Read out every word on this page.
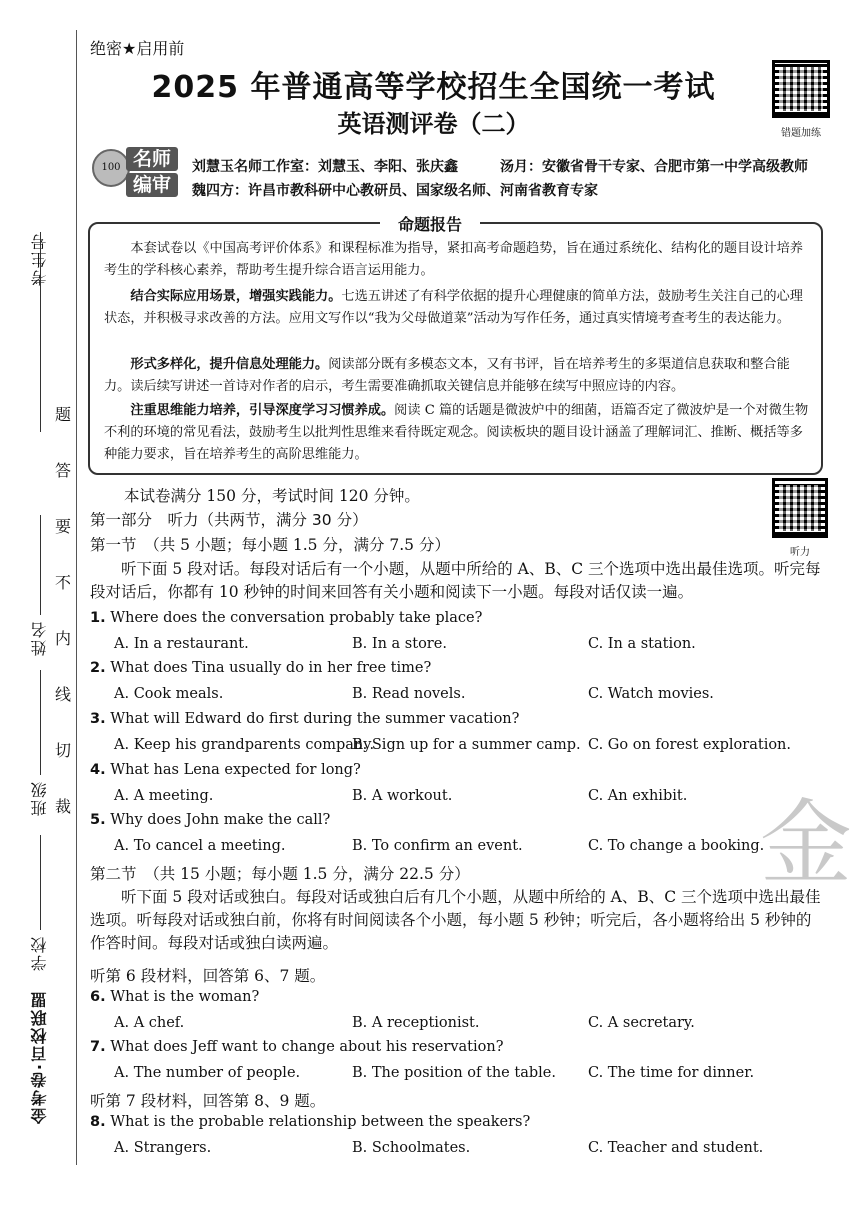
考生号
姓名
班级
学校
金考卷·百校联盟
题
答
要
不
内
线
切
裁
绝密★启用前
2025 年普通高等学校招生全国统一考试
英语测评卷（二）	错题加练
100 名师
编审
刘慧玉名师工作室：刘慧玉、李阳、张庆鑫	汤月：安徽省骨干专家、合肥市第一中学高级教师
魏四方：许昌市教科研中心教研员、国家级名师、河南省教育专家
命题报告
本套试卷以《中国高考评价体系》和课程标准为指导，紧扣高考命题趋势，旨在通过系统化、结构化的题目设计培养考生的学科核心素养，帮助考生提升综合语言运用能力。
结合实际应用场景，增强实践能力。七选五讲述了有科学依据的提升心理健康的简单方法，鼓励考生关注自己的心理状态，并积极寻求改善的方法。应用文写作以“我为父母做道菜”活动为写作任务，通过真实情境考查考生的表达能力。
形式多样化，提升信息处理能力。阅读部分既有多模态文本，又有书评，旨在培养考生的多渠道信息获取和整合能力。读后续写讲述一首诗对作者的启示，考生需要准确抓取关键信息并能够在续写中照应诗的内容。
注重思维能力培养，引导深度学习习惯养成。阅读 C 篇的话题是微波炉中的细菌，语篇否定了微波炉是一个对微生物不利的环境的常见看法，鼓励考生以批判性思维来看待既定观念。阅读板块的题目设计涵盖了理解词汇、推断、概括等多种能力要求，旨在培养考生的高阶思维能力。
本试卷满分 150 分，考试时间 120 分钟。
第一部分　听力（共两节，满分 30 分）
第一节　（共 5 小题；每小题 1.5 分，满分 7.5 分）	听力
听下面 5 段对话。每段对话后有一个小题，从题中所给的 A、B、C 三个选项中选出最佳选项。听完每段对话后，你都有 10 秒钟的时间来回答有关小题和阅读下一小题。每段对话仅读一遍。
1. Where does the conversation probably take place?
A. In a restaurant.	B. In a store.	C. In a station.
2. What does Tina usually do in her free time?
A. Cook meals.	B. Read novels.	C. Watch movies.
3. What will Edward do first during the summer vacation?
A. Keep his grandparents company.
B. Sign up for a summer camp. C. Go on forest exploration.
4. What has Lena expected for long?
A. A meeting.	B. A workout.	C. An exhibit.
5. Why does John make the call?
A. To cancel a meeting.	B. To confirm an event.	C. To change a booking.
金
第二节　（共 15 小题；每小题 1.5 分，满分 22.5 分）
听下面 5 段对话或独白。每段对话或独白后有几个小题，从题中所给的 A、B、C 三个选项中选出最佳选项。听每段对话或独白前，你将有时间阅读各个小题，每小题 5 秒钟；听完后，各小题将给出 5 秒钟的作答时间。每段对话或独白读两遍。
听第 6 段材料，回答第 6、7 题。
6. What is the woman?
A. A chef.	B. A receptionist.	C. A secretary.
7. What does Jeff want to change about his reservation?
A. The number of people.	B. The position of the table. C. The time for dinner.
听第 7 段材料，回答第 8、9 题。
8. What is the probable relationship between the speakers?
A. Strangers.	B. Schoolmates.	C. Teacher and student.
